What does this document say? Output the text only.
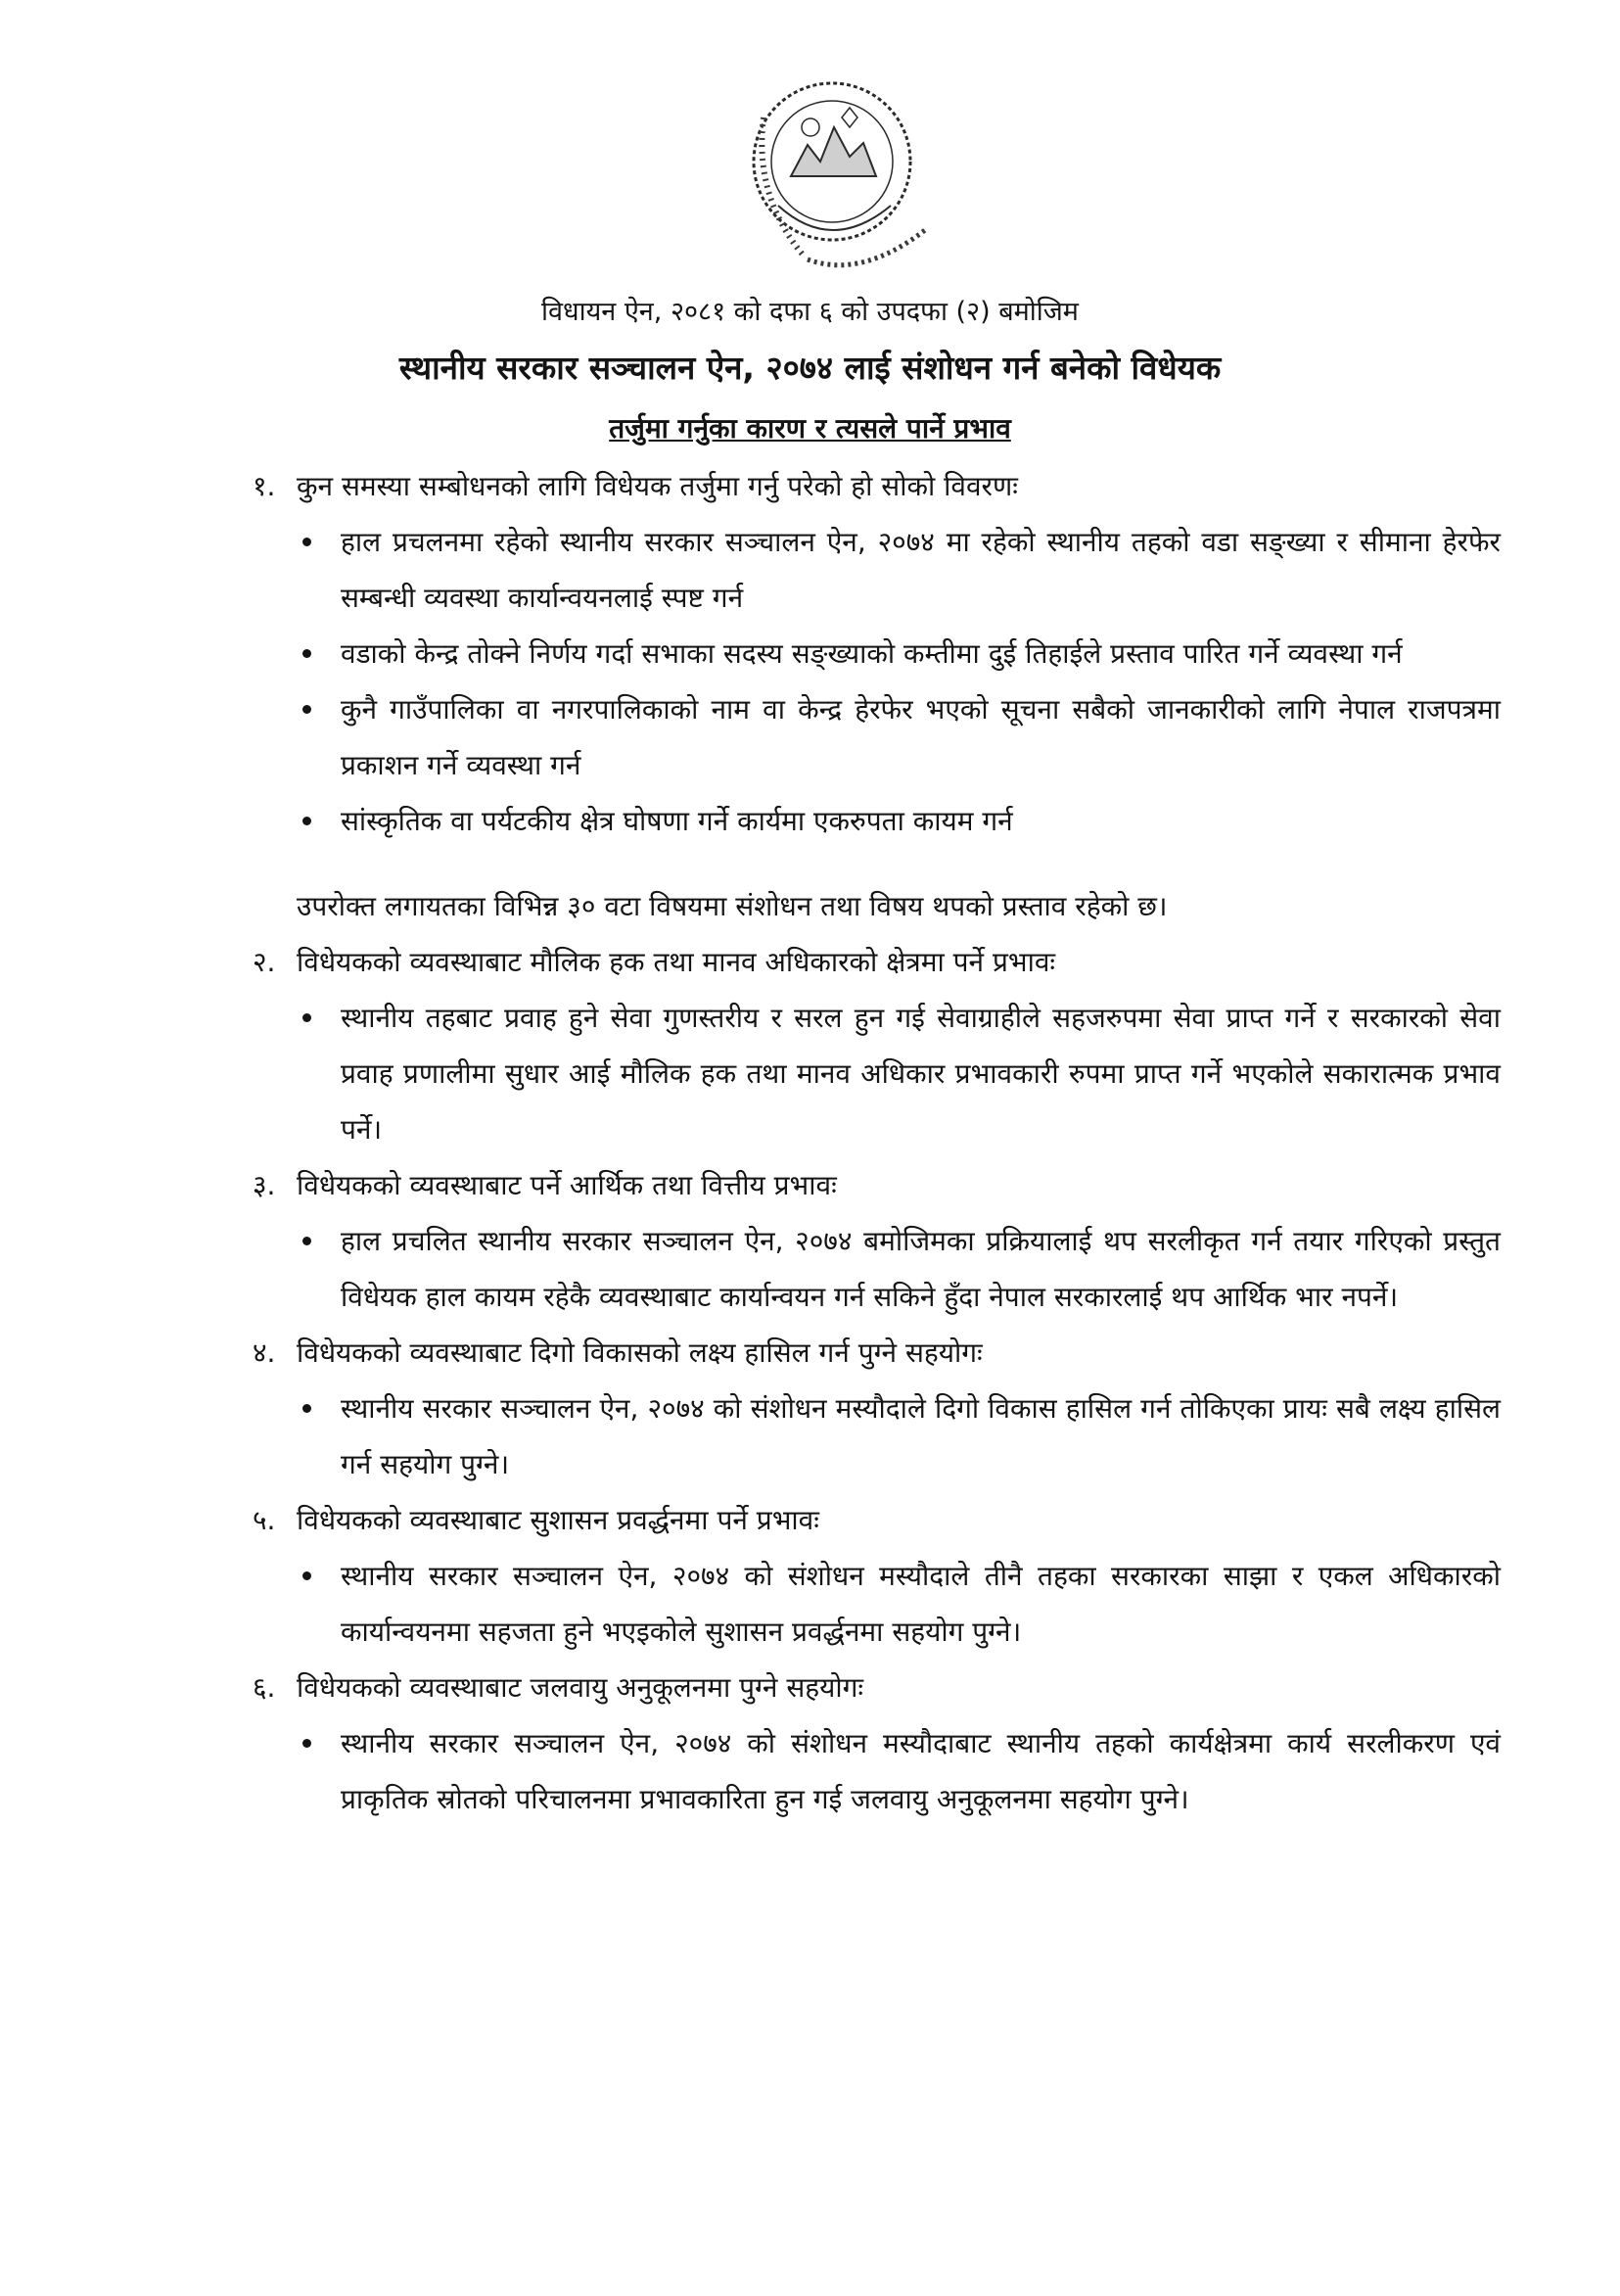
विधायन ऐन, २०८१ को दफा ६ को उपदफा (२) बमोजिम
स्थानीय सरकार सञ्चालन ऐन, २०७४ लाई संशोधन गर्न बनेको विधेयक
तर्जुमा गर्नुका कारण र त्यसले पार्ने प्रभाव
१. कुन समस्या सम्बोधनको लागि विधेयक तर्जुमा गर्नु परेको हो सोको विवरणः
हाल प्रचलनमा रहेको स्थानीय सरकार सञ्चालन ऐन, २०७४ मा रहेको स्थानीय तहको वडा सङ्ख्या र सीमाना हेरफेर सम्बन्धी व्यवस्था कार्यान्वयनलाई स्पष्ट गर्न
वडाको केन्द्र तोक्ने निर्णय गर्दा सभाका सदस्य सङ्ख्याको कम्तीमा दुई तिहाईले प्रस्ताव पारित गर्ने व्यवस्था गर्न
कुनै गाउँपालिका वा नगरपालिकाको नाम वा केन्द्र हेरफेर भएको सूचना सबैको जानकारीको लागि नेपाल राजपत्रमा प्रकाशन गर्ने व्यवस्था गर्न
सांस्कृतिक वा पर्यटकीय क्षेत्र घोषणा गर्ने कार्यमा एकरुपता कायम गर्न
उपरोक्त लगायतका विभिन्न ३० वटा विषयमा संशोधन तथा विषय थपको प्रस्ताव रहेको छ।
२. विधेयकको व्यवस्थाबाट मौलिक हक तथा मानव अधिकारको क्षेत्रमा पर्ने प्रभावः
स्थानीय तहबाट प्रवाह हुने सेवा गुणस्तरीय र सरल हुन गई सेवाग्राहीले सहजरुपमा सेवा प्राप्त गर्ने र सरकारको सेवा प्रवाह प्रणालीमा सुधार आई मौलिक हक तथा मानव अधिकार प्रभावकारी रुपमा प्राप्त गर्ने भएकोले सकारात्मक प्रभाव पर्ने।
३. विधेयकको व्यवस्थाबाट पर्ने आर्थिक तथा वित्तीय प्रभावः
हाल प्रचलित स्थानीय सरकार सञ्चालन ऐन, २०७४ बमोजिमका प्रक्रियालाई थप सरलीकृत गर्न तयार गरिएको प्रस्तुत विधेयक हाल कायम रहेकै व्यवस्थाबाट कार्यान्वयन गर्न सकिने हुँदा नेपाल सरकारलाई थप आर्थिक भार नपर्ने।
४. विधेयकको व्यवस्थाबाट दिगो विकासको लक्ष्य हासिल गर्न पुग्ने सहयोगः
स्थानीय सरकार सञ्चालन ऐन, २०७४ को संशोधन मस्यौदाले दिगो विकास हासिल गर्न तोकिएका प्रायः सबै लक्ष्य हासिल गर्न सहयोग पुग्ने।
५. विधेयकको व्यवस्थाबाट सुशासन प्रवर्द्धनमा पर्ने प्रभावः
स्थानीय सरकार सञ्चालन ऐन, २०७४ को संशोधन मस्यौदाले तीनै तहका सरकारका साझा र एकल अधिकारको कार्यान्वयनमा सहजता हुने भएइकोले सुशासन प्रवर्द्धनमा सहयोग पुग्ने।
६. विधेयकको व्यवस्थाबाट जलवायु अनुकूलनमा पुग्ने सहयोगः
स्थानीय सरकार सञ्चालन ऐन, २०७४ को संशोधन मस्यौदाबाट स्थानीय तहको कार्यक्षेत्रमा कार्य सरलीकरण एवं प्राकृतिक स्रोतको परिचालनमा प्रभावकारिता हुन गई जलवायु अनुकूलनमा सहयोग पुग्ने।
